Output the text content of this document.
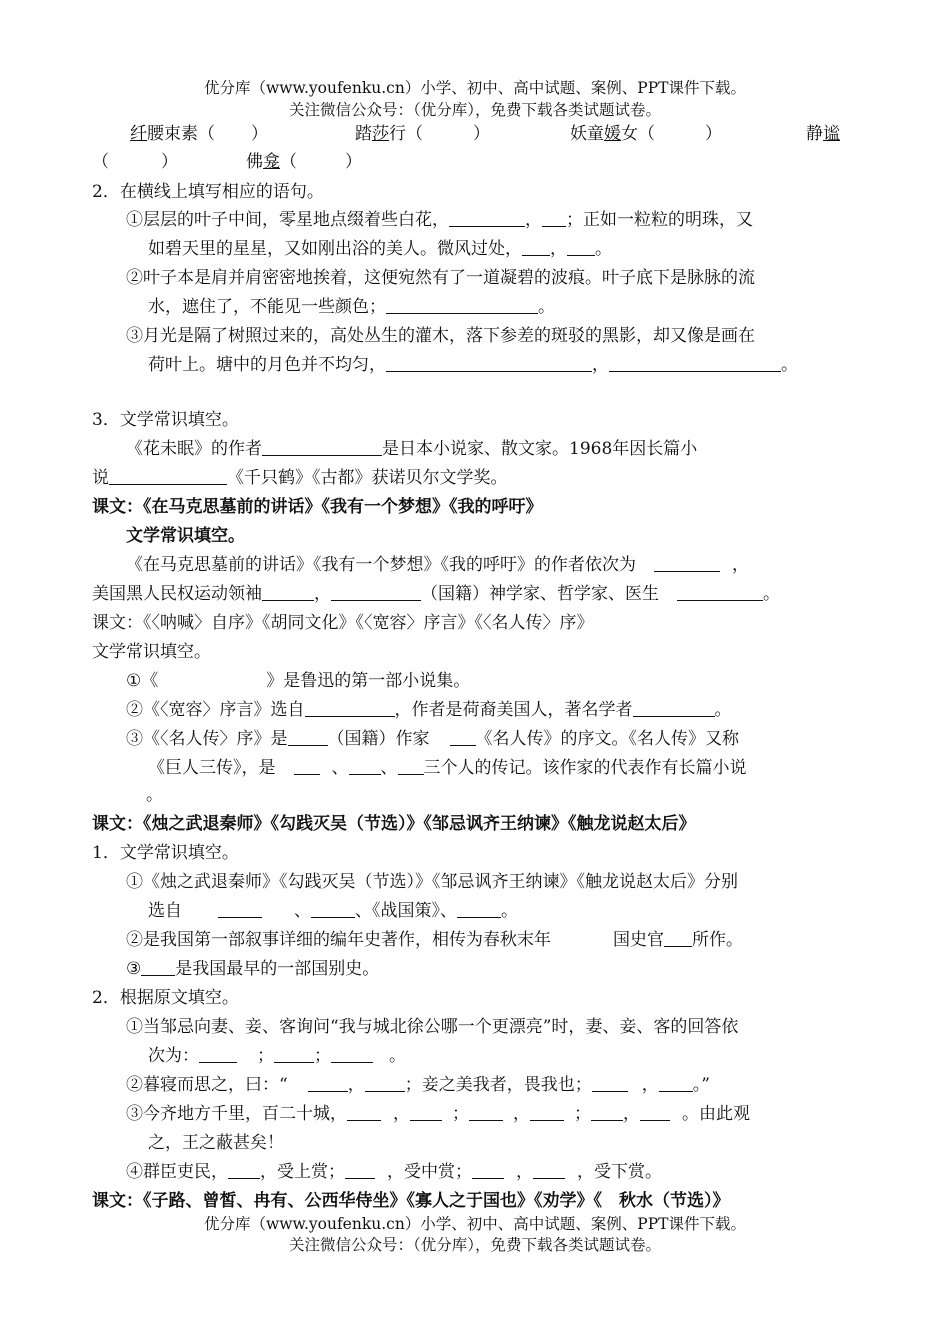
优分库（www.youfenku.cn）小学、初中、高中试题、案例、PPT课件下载。
关注微信公众号：（优分库），免费下载各类试题试卷。
纤腰束素（ ）	踏莎行（	）	妖童媛女（	）	静谧
（	）	佛龛（	）
2．在横线上填写相应的语句。
①层层的叶子中间，零星地点缀着些白花，	， ；正如一粒粒的明珠，又
如碧天里的星星，又如刚出浴的美人。微风过处， ， 。
②叶子本是肩并肩密密地挨着，这便宛然有了一道凝碧的波痕。叶子底下是脉脉的流
水，遮住了，不能见一些颜色；	。
③月光是隔了树照过来的，高处丛生的灌木，落下参差的斑驳的黑影，却又像是画在
荷叶上。塘中的月色并不均匀，	，	。
3．文学常识填空。
《花未眠》的作者	是日本小说家、散文家。1968年因长篇小
说	《千只鹤》《古都》获诺贝尔文学奖。
课文：《在马克思墓前的讲话》《我有一个梦想》《我的呼吁》
文学常识填空。
《在马克思墓前的讲话》《我有一个梦想》《我的呼吁》的作者依次为	，
美国黑人民权运动领袖	，	（国籍）神学家、哲学家、医生	。
课文：《〈呐喊〉自序》《胡同文化》《〈宽容〉序言》《〈名人传〉序》
文学常识填空。
①《	》是鲁迅的第一部小说集。
②《〈宽容〉序言》选自	，作者是荷裔美国人，著名学者	。
③《〈名人传〉序》是 （国籍）作家	《名人传》的序文。《名人传》又称
《巨人三传》，是	、 、 三个人的传记。该作家的代表作有长篇小说
。
课文：《烛之武退秦师》《勾践灭吴（节选）》《邹忌讽齐王纳谏》《触龙说赵太后》
1．文学常识填空。
①《烛之武退秦师》《勾践灭吴（节选）》《邹忌讽齐王纳谏》《触龙说赵太后》分别
选自	、	、《战国策》、	。
②是我国第一部叙事详细的编年史著作，相传为春秋末年	国史官 所作。
③ 是我国最早的一部国别史。
2．根据原文填空。
①当邹忌向妻、妾、客询问“我与城北徐公哪一个更漂亮”时，妻、妾、客的回答依
次为：	； ；	。
②暮寝而思之，曰：“	， ；妾之美我者，畏我也；	， 。”
③今齐地方千里，百二十城，	， ；	，	； ， 。由此观
之，王之蔽甚矣！
④群臣吏民， ，受上赏； ，受中赏；	，	，受下赏。
课文：《子路、曾皙、冉有、公西华侍坐》《寡人之于国也》《劝学》《　秋水（节选）》
优分库（www.youfenku.cn）小学、初中、高中试题、案例、PPT课件下载。
关注微信公众号：（优分库），免费下载各类试题试卷。
